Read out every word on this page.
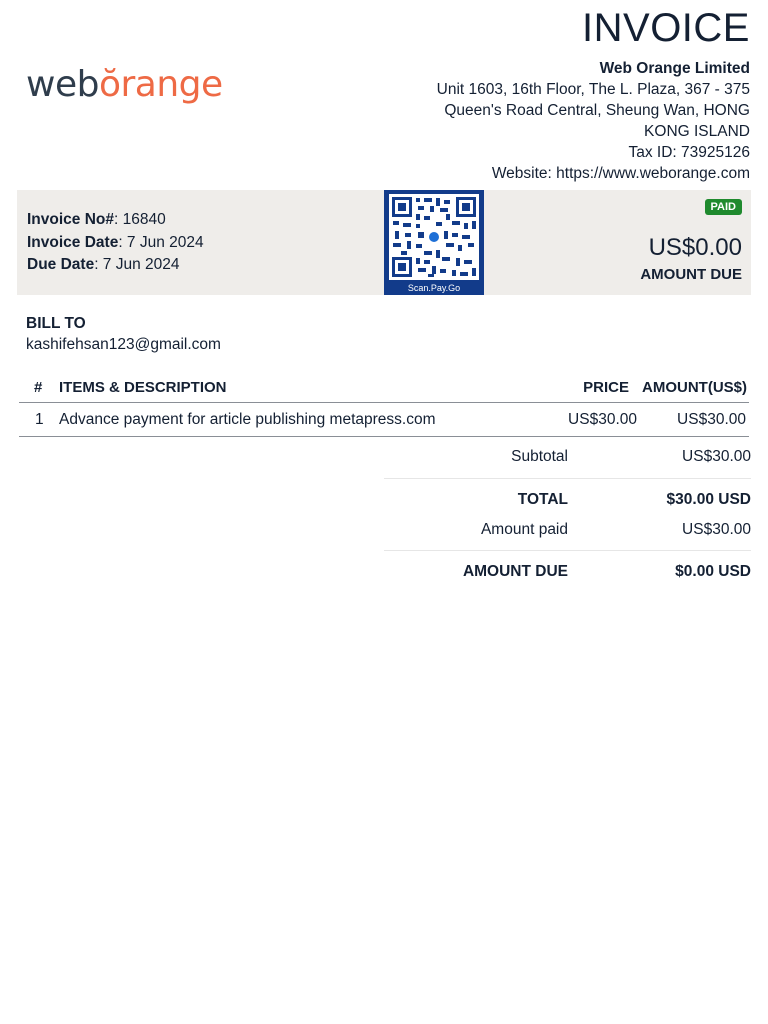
webŏrange
INVOICE
Web Orange Limited
Unit 1603, 16th Floor, The L. Plaza, 367 - 375
Queen's Road Central, Sheung Wan, HONG
KONG ISLAND
Tax ID: 73925126
Website: https://www.weborange.com
Invoice No#: 16840
Invoice Date: 7 Jun 2024
Due Date: 7 Jun 2024
Scan.Pay.Go
PAID
US$0.00
AMOUNT DUE
BILL TO
kashifehsan123@gmail.com
# ITEMS & DESCRIPTION	PRICE AMOUNT(US$)
1 Advance payment for article publishing metapress.com	US$30.00	US$30.00
Subtotal	US$30.00
TOTAL	$30.00 USD
Amount paid	US$30.00
AMOUNT DUE	$0.00 USD
